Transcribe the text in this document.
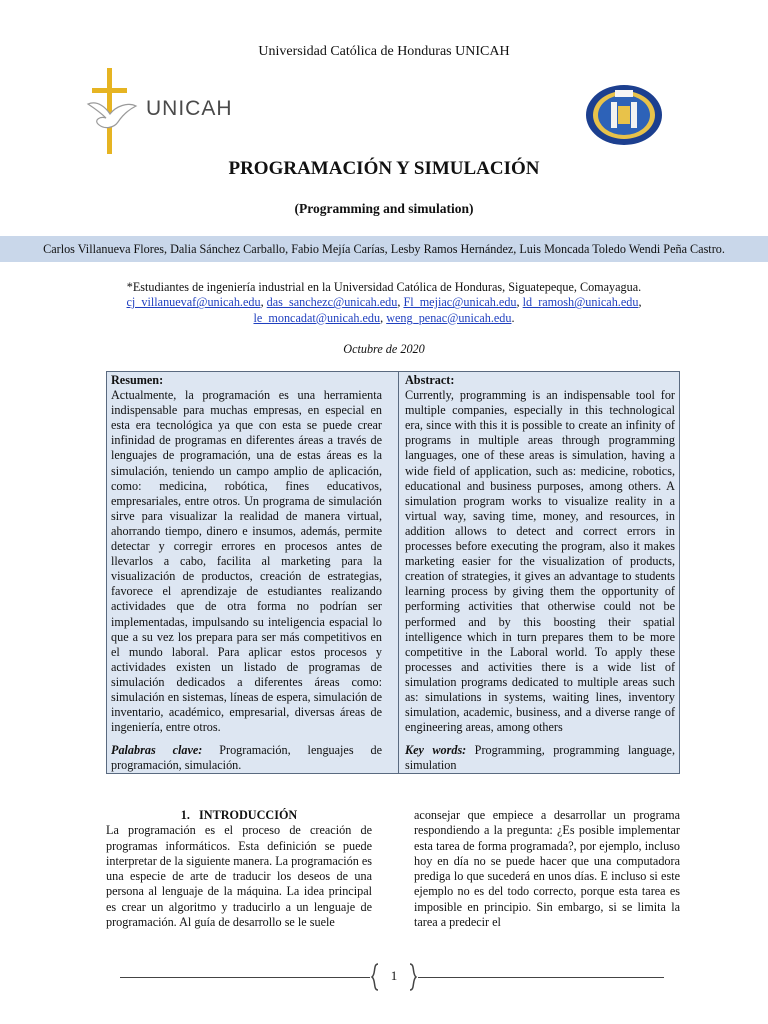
Universidad Católica de Honduras UNICAH
UNICAH
PROGRAMACIÓN Y SIMULACIÓN
(Programming and simulation)
Carlos Villanueva Flores, Dalia Sánchez Carballo, Fabio Mejía Carías, Lesby Ramos Hernández, Luis Moncada Toledo Wendi Peña Castro.
*Estudiantes de ingeniería industrial en la Universidad Católica de Honduras, Siguatepeque, Comayagua.
cj_villanuevaf@unicah.edu, das_sanchezc@unicah.edu, Fl_mejiac@unicah.edu, ld_ramosh@unicah.edu,
le_moncadat@unicah.edu, weng_penac@unicah.edu.
Octubre de 2020
Resumen:
Actualmente, la programación es una herramienta indispensable para muchas empresas, en especial en esta era tecnológica ya que con esta se puede crear infinidad de programas en diferentes áreas a través de lenguajes de programación, una de estas áreas es la simulación, teniendo un campo amplio de aplicación, como: medicina, robótica, fines educativos, empresariales, entre otros. Un programa de simulación sirve para visualizar la realidad de manera virtual, ahorrando tiempo, dinero e insumos, además, permite detectar y corregir errores en procesos antes de llevarlos a cabo, facilita al marketing para la visualización de productos, creación de estrategias, favorece el aprendizaje de estudiantes realizando actividades que de otra forma no podrían ser implementadas, impulsando su inteligencia espacial lo que a su vez los prepara para ser más competitivos en el mundo laboral. Para aplicar estos procesos y actividades existen un listado de programas de simulación dedicados a diferentes áreas como: simulación en sistemas, líneas de espera, simulación de inventario, académico, empresarial, diversas áreas de ingeniería, entre otros.
Palabras clave: Programación, lenguajes de programación, simulación.
Abstract:
Currently, programming is an indispensable tool for multiple companies, especially in this technological era, since with this it is possible to create an infinity of programs in multiple areas through programming languages, one of these areas is simulation, having a wide field of application, such as: medicine, robotics, educational and business purposes, among others. A simulation program works to visualize reality in a virtual way, saving time, money, and resources, in addition allows to detect and correct errors in processes before executing the program, also it makes marketing easier for the visualization of products, creation of strategies, it gives an advantage to students learning process by giving them the opportunity of performing activities that otherwise could not be performed and by this boosting their spatial intelligence which in turn prepares them to be more competitive in the Laboral world. To apply these processes and activities there is a wide list of simulation programs dedicated to multiple areas such as: simulations in systems, waiting lines, inventory simulation, academic, business, and a diverse range of engineering areas, among others
Key words: Programming, programming language, simulation
1.   INTRODUCCIÓN
La programación es el proceso de creación de programas informáticos. Esta definición se puede interpretar de la siguiente manera. La programación es una especie de arte de traducir los deseos de una persona al lenguaje de la máquina. La idea principal es crear un algoritmo y traducirlo a un lenguaje de programación. Al guía de desarrollo se le suele
aconsejar que empiece a desarrollar un programa respondiendo a la pregunta: ¿Es posible implementar esta tarea de forma programada?, por ejemplo, incluso hoy en día no se puede hacer que una computadora prediga lo que sucederá en unos días. E incluso si este ejemplo no es del todo correcto, porque esta tarea es imposible en principio. Sin embargo, si se limita la tarea a predecir el
1
